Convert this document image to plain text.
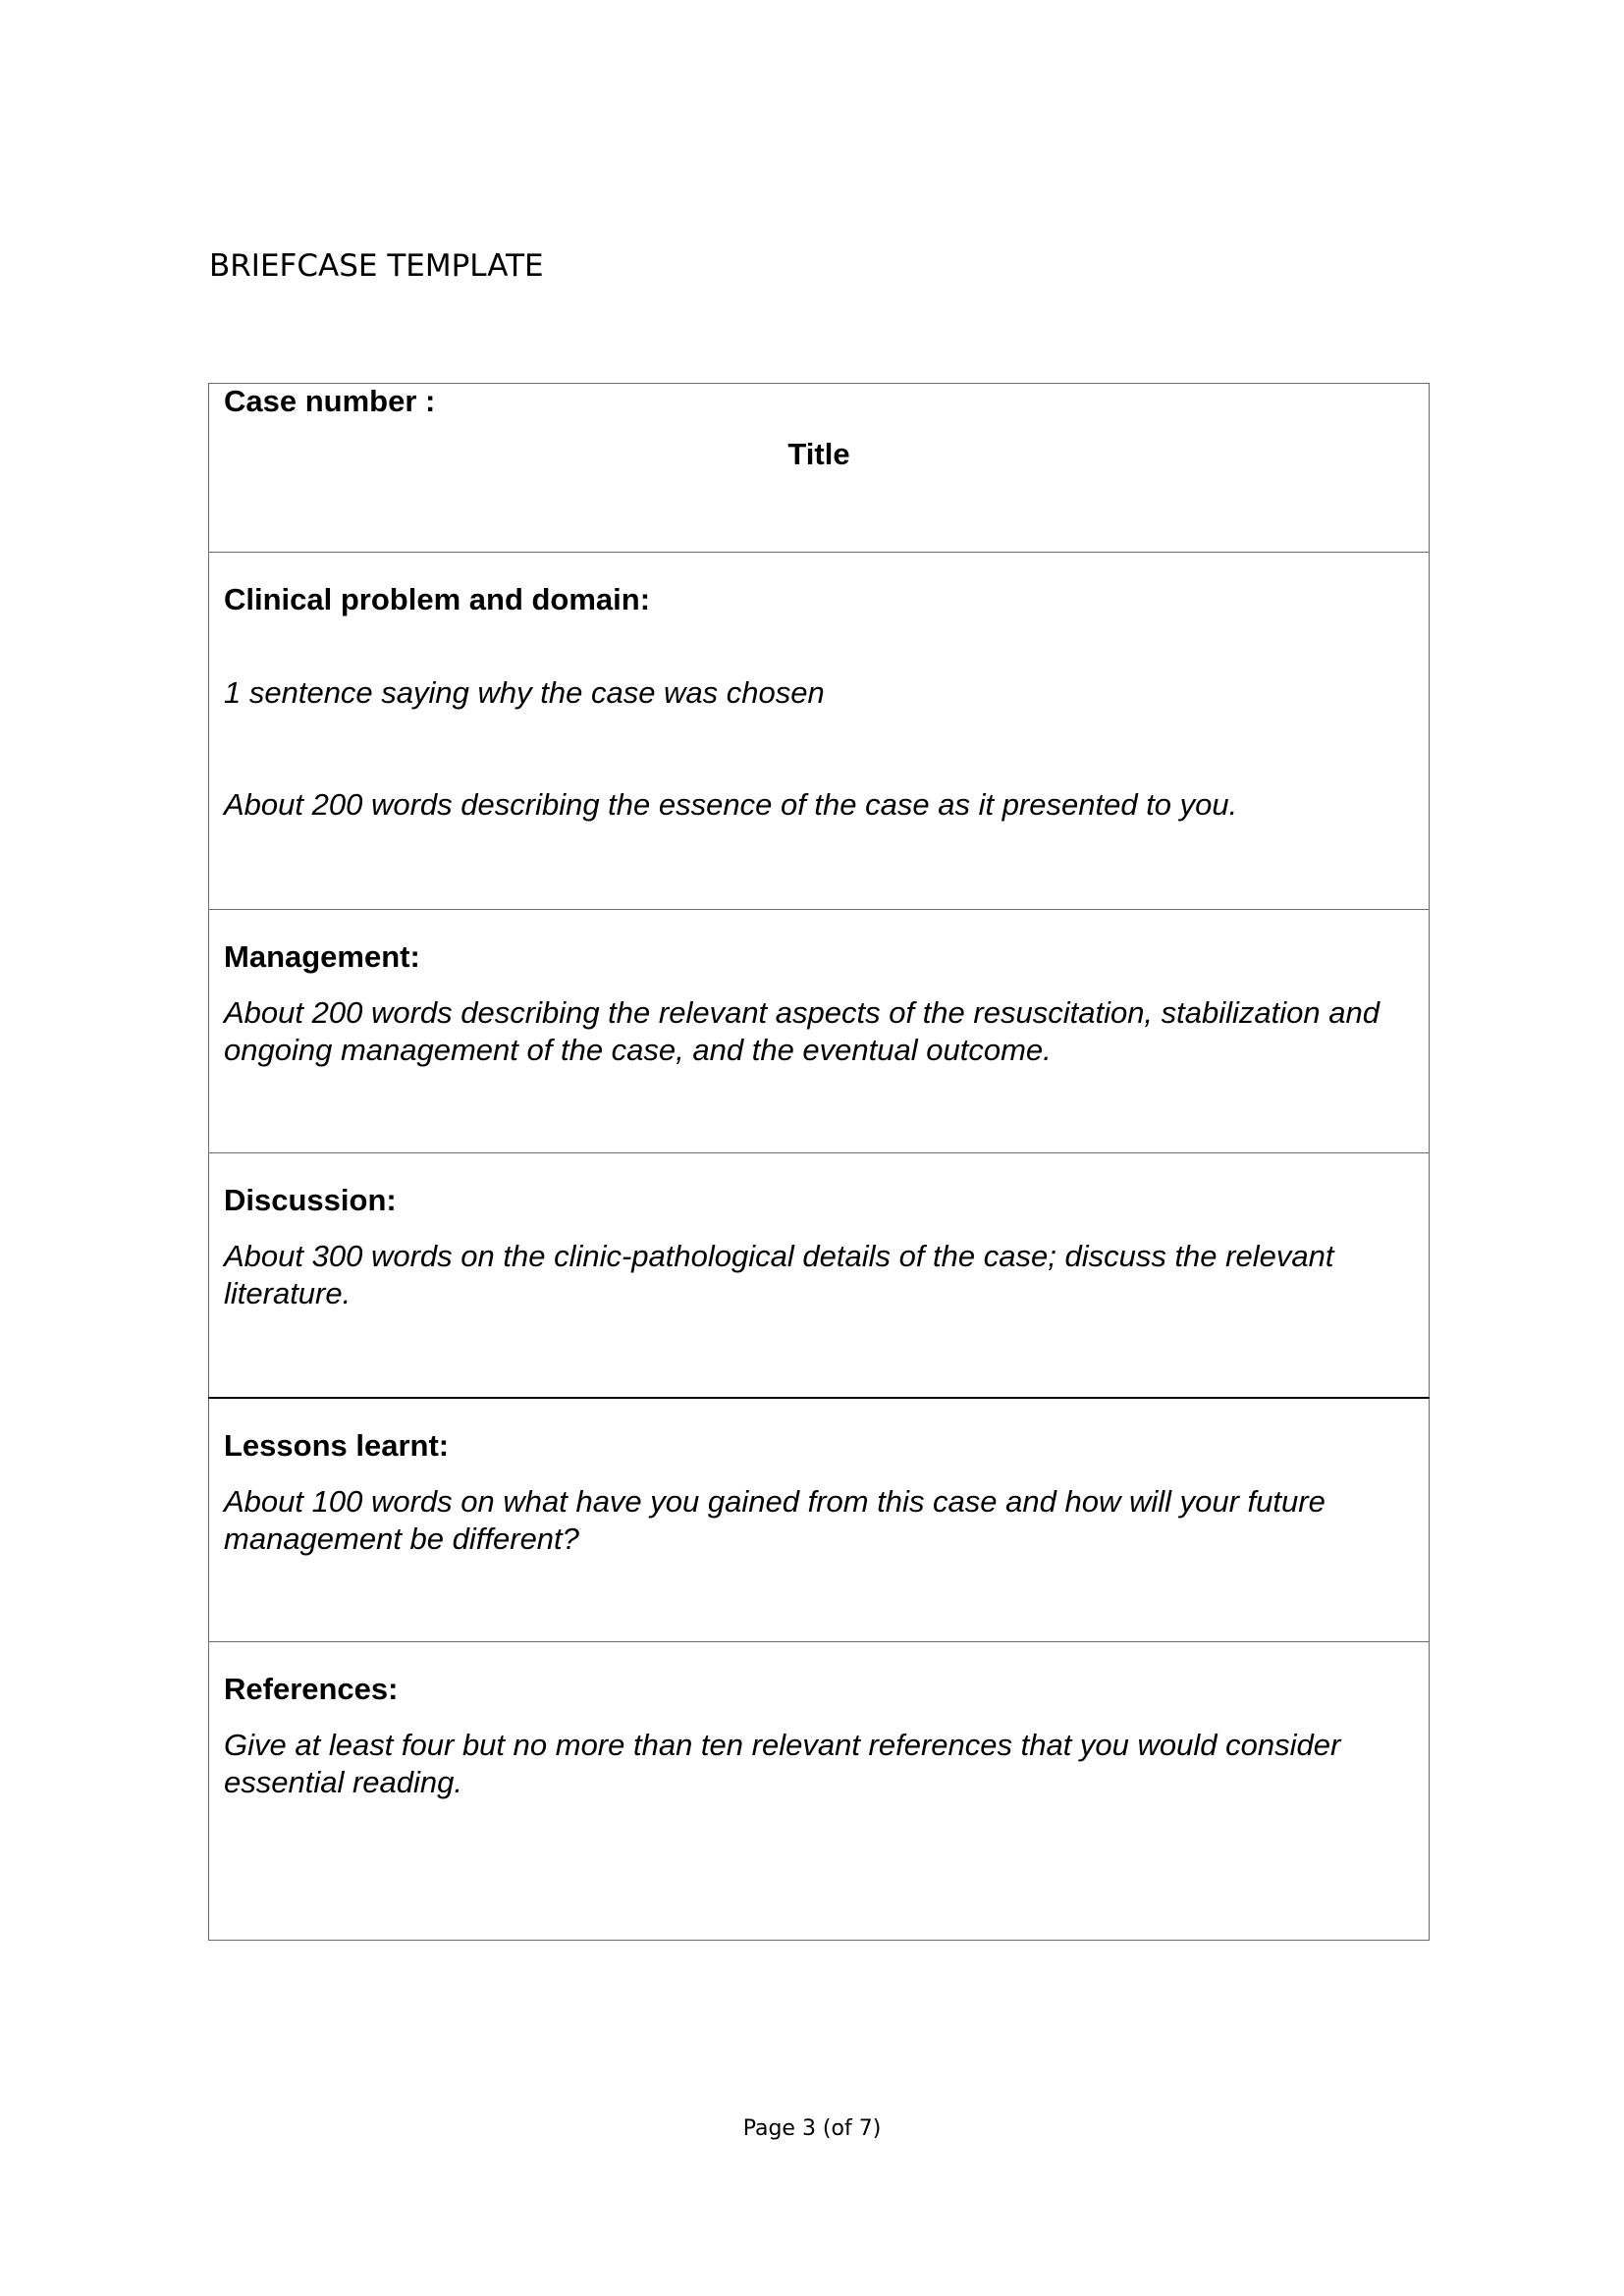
BRIEFCASE TEMPLATE

Case number :

Title

Clinical problem and domain:

1 sentence saying why the case was chosen

About 200 words describing the essence of the case as it presented to you.

Management:

About 200 words describing the relevant aspects of the resuscitation, stabilization and ongoing management of the case, and the eventual outcome.

Discussion:

About 300 words on the clinic-pathological details of the case; discuss the relevant literature.

Lessons learnt:

About 100 words on what have you gained from this case and how will your future management be different?

References:

Give at least four but no more than ten relevant references that you would consider essential reading.

Page 3 (of 7)
